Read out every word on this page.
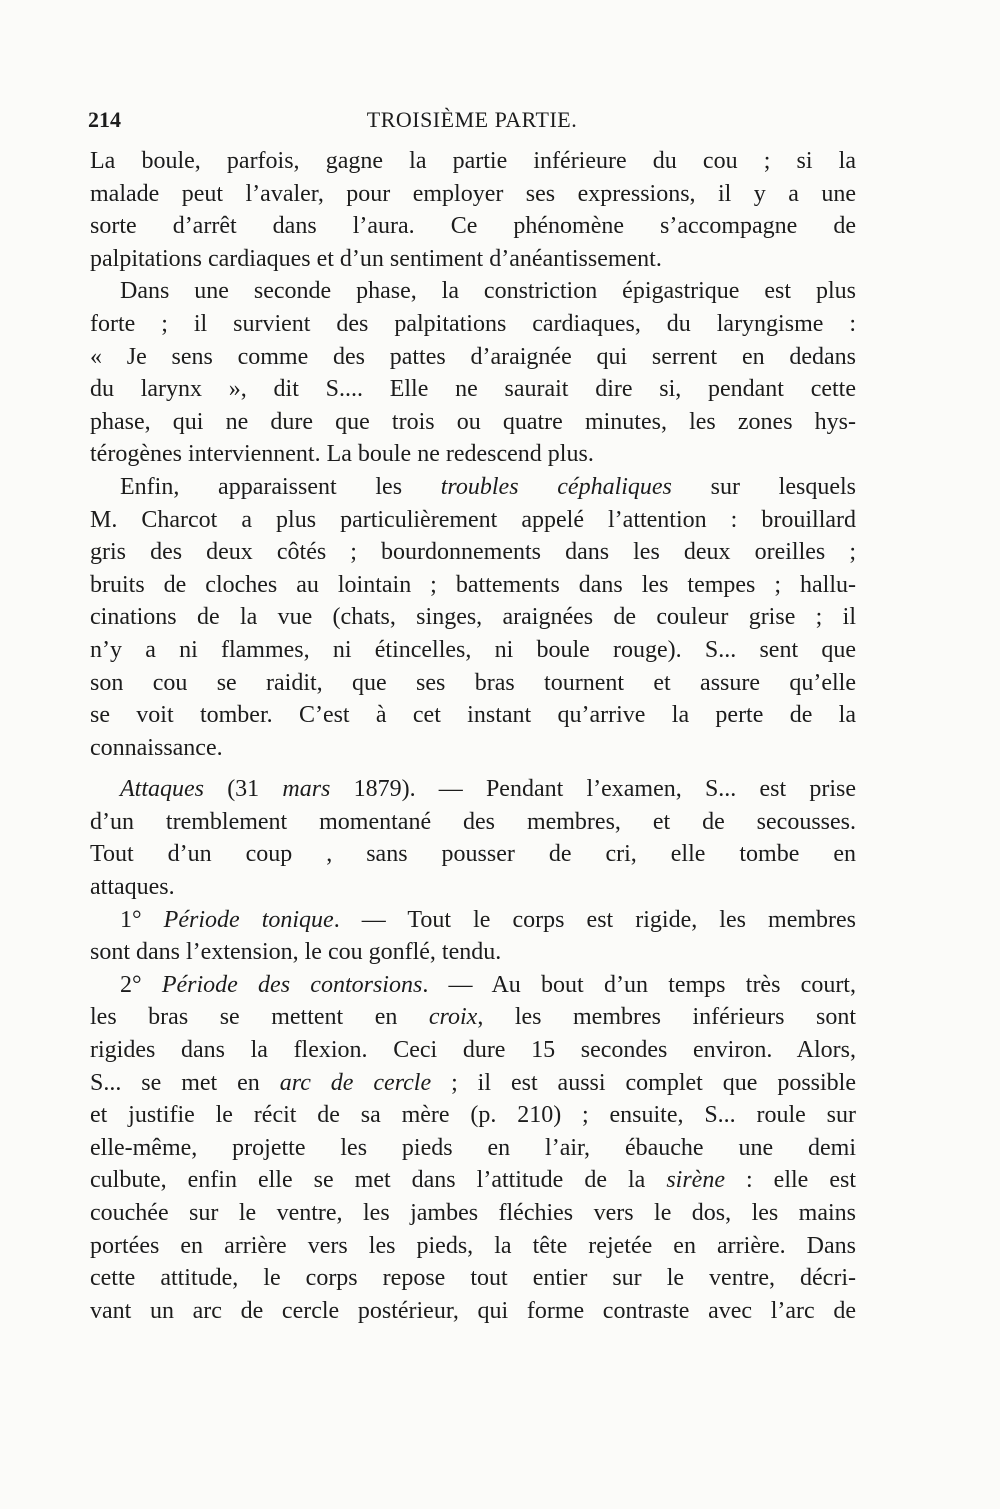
214	TROISIÈME PARTIE.
La boule, parfois, gagne la partie inférieure du cou ; si la
malade peut l’avaler, pour employer ses expressions, il y a une
sorte d’arrêt dans l’aura. Ce phénomène s’accompagne de
palpitations cardiaques et d’un sentiment d’anéantissement.
Dans une seconde phase, la constriction épigastrique est plus
forte ; il survient des palpitations cardiaques, du laryngisme :
« Je sens comme des pattes d’araignée qui serrent en dedans
du larynx », dit S.... Elle ne saurait dire si, pendant cette
phase, qui ne dure que trois ou quatre minutes, les zones hys-
térogènes interviennent. La boule ne redescend plus.
Enfin, apparaissent les troubles céphaliques sur lesquels
M. Charcot a plus particulièrement appelé l’attention : brouillard
gris des deux côtés ; bourdonnements dans les deux oreilles ;
bruits de cloches au lointain ; battements dans les tempes ; hallu-
cinations de la vue (chats, singes, araignées de couleur grise ; il
n’y a ni flammes, ni étincelles, ni boule rouge). S... sent que
son cou se raidit, que ses bras tournent et assure qu’elle
se voit tomber. C’est à cet instant qu’arrive la perte de la
connaissance.
Attaques (31 mars 1879). — Pendant l’examen, S... est prise
d’un tremblement momentané des membres, et de secousses.
Tout d’un coup , sans pousser de cri, elle tombe en
attaques.
1° Période tonique. — Tout le corps est rigide, les membres
sont dans l’extension, le cou gonflé, tendu.
2° Période des contorsions. — Au bout d’un temps très court,
les bras se mettent en croix, les membres inférieurs sont
rigides dans la flexion. Ceci dure 15 secondes environ. Alors,
S... se met en arc de cercle ; il est aussi complet que possible
et justifie le récit de sa mère (p. 210) ; ensuite, S... roule sur
elle-même, projette les pieds en l’air, ébauche une demi
culbute, enfin elle se met dans l’attitude de la sirène : elle est
couchée sur le ventre, les jambes fléchies vers le dos, les mains
portées en arrière vers les pieds, la tête rejetée en arrière. Dans
cette attitude, le corps repose tout entier sur le ventre, décri-
vant un arc de cercle postérieur, qui forme contraste avec l’arc de
